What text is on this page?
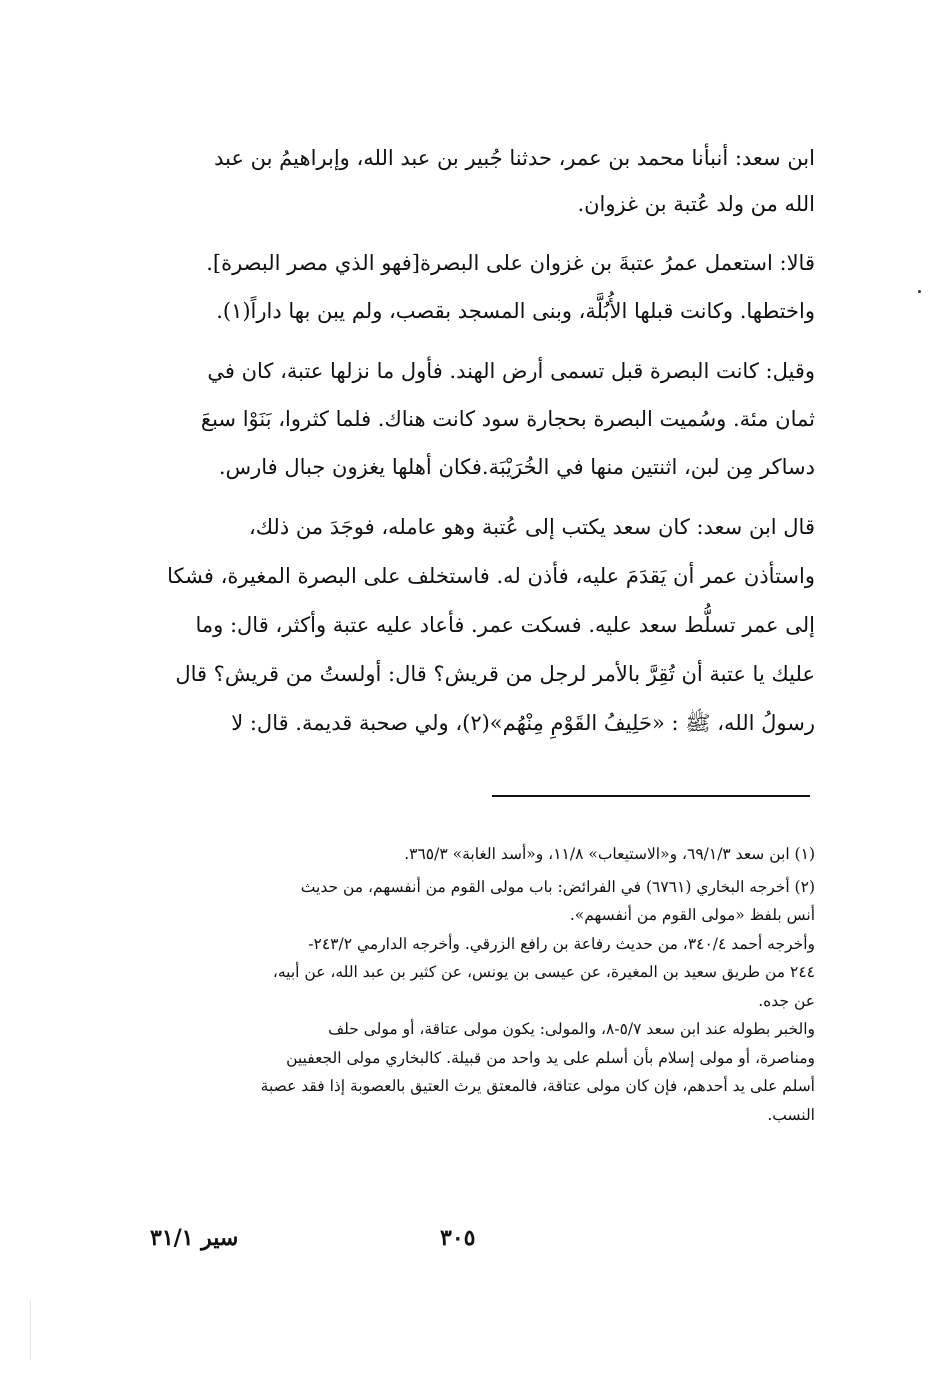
ابن سعد: أنبأنا محمد بن عمر، حدثنا جُبير بن عبد الله، وإبراهيمُ بن عبد
الله من ولد عُتبة بن غزوان.

قالا: استعمل عمرُ عتبةَ بن غزوان على البصرة[فهو الذي مصر البصرة].
واختطها. وكانت قبلها الأُبُلَّة، وبنى المسجد بقصب، ولم يبن بها داراً(١).

وقيل: كانت البصرة قبل تسمى أرض الهند. فأول ما نزلها عتبة، كان في
ثمان مئة. وسُميت البصرة بحجارة سود كانت هناك. فلما كثروا، بَنَوْا سبعَ
دساكر مِن لبن، اثنتين منها في الخُرَيْبَة.فكان أهلها يغزون جبال فارس.

قال ابن سعد: كان سعد يكتب إلى عُتبة وهو عامله، فوجَدَ من ذلك،
واستأذن عمر أن يَقدَمَ عليه، فأذن له. فاستخلف على البصرة المغيرة، فشكا
إلى عمر تسلُّط سعد عليه. فسكت عمر. فأعاد عليه عتبة وأكثر، قال: وما
عليك يا عتبة أن تُقِرَّ بالأمر لرجل من قريش؟ قال: أولستُ من قريش؟ قال
رسولُ الله، ﷺ : «حَلِيفُ القَوْمِ مِنْهُم»(٢)، ولي صحبة قديمة. قال: لا

(١) ابن سعد ٦٩/١/٣، و«الاستيعاب» ١١/٨، و«أسد الغابة» ٣٦٥/٣.
(٢) أخرجه البخاري (٦٧٦١) في الفرائض: باب مولى القوم من أنفسهم، من حديث
أنس بلفظ «مولى القوم من أنفسهم».
وأخرجه أحمد ٣٤٠/٤، من حديث رفاعة بن رافع الزرقي. وأخرجه الدارمي ٢٤٣/٢-
٢٤٤ من طريق سعيد بن المغيرة، عن عيسى بن يونس، عن كثير بن عبد الله، عن أبيه،
عن جده.
والخبر بطوله عند ابن سعد ٥/٧-٨، والمولى: يكون مولى عتاقة، أو مولى حلف
ومناصرة، أو مولى إسلام بأن أسلم على يد واحد من قبيلة. كالبخاري مولى الجعفيين
أسلم على يد أحدهم، فإن كان مولى عتاقة، فالمعتق يرث العتيق بالعصوبة إذا فقد عصبة
النسب.
٣٠٥
سير ٣١/١
